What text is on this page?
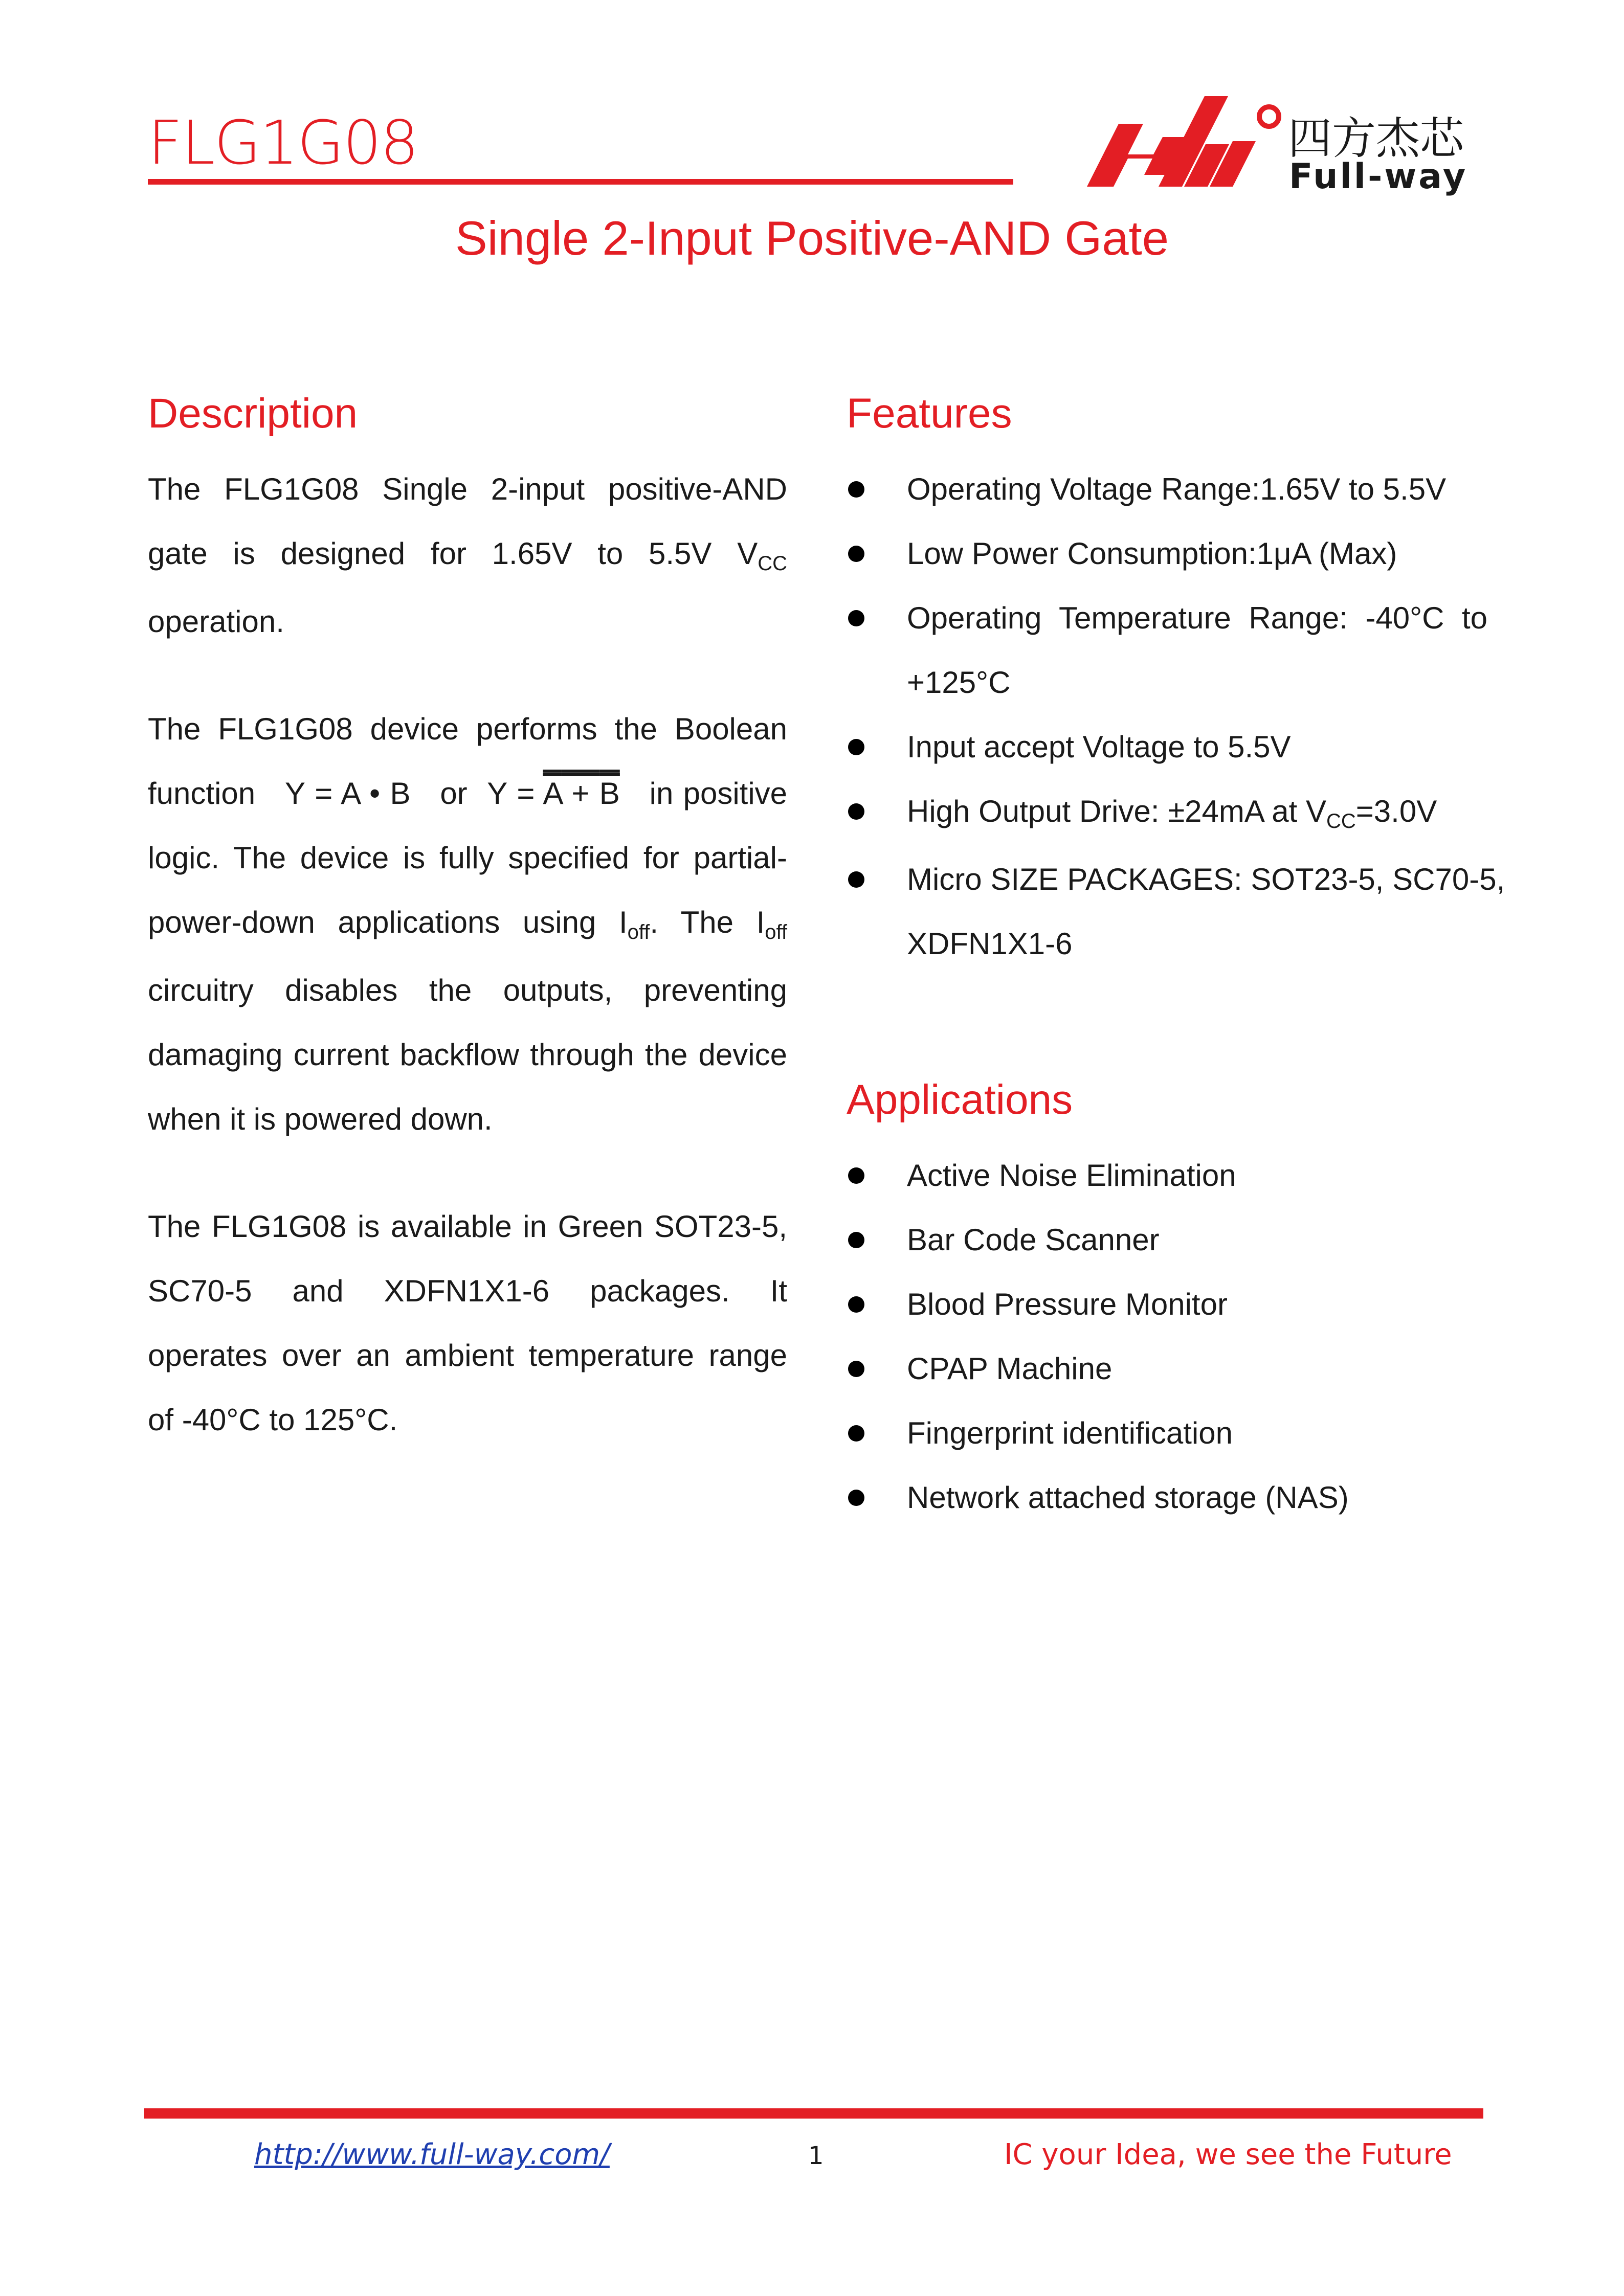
FLG1G08	四方杰芯
Full-way
Single 2-Input Positive-AND Gate
Description

The FLG1G08 Single 2-input positive-AND gate is designed for 1.65V to 5.5V $V_{CC}$ operation.

The FLG1G08 device performs the Boolean function Y = A • B or Y = A + B in positive logic. The device is fully specified for partial-power-down applications using $I_{off}$. The $I_{off}$ circuitry disables the outputs, preventing damaging current backflow through the device when it is powered down.

The FLG1G08 is available in Green SOT23-5, SC70-5 and XDFN1X1-6 packages. It operates over an ambient temperature range of -40°C to 125°C.

Features
Operating Voltage Range:1.65V to 5.5V
Low Power Consumption:1μA (Max)
Operating Temperature Range: -40°C to
+125°C
Input accept Voltage to 5.5V
High Output Drive: ±24mA at $V_{CC}=3.0V$
Micro SIZE PACKAGES: SOT23-5, SC70-5,
XDFN1X1-6
Applications
Active Noise Elimination
Bar Code Scanner
Blood Pressure Monitor
CPAP Machine
Fingerprint identification
Network attached storage (NAS)
http://www.full-way.com/	1	IC your Idea, we see the Future
